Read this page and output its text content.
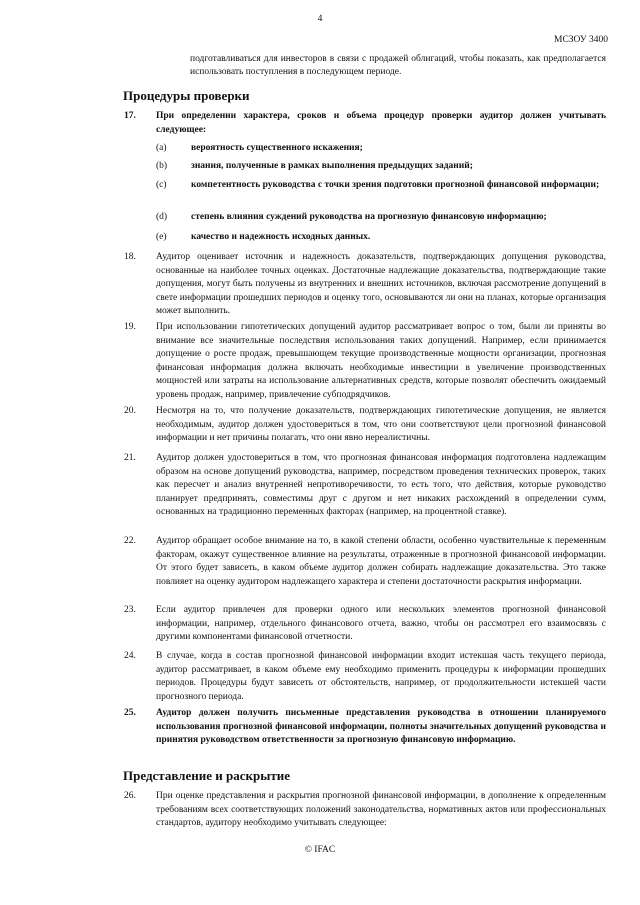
4
МСЗОУ 3400
подготавливаться для инвесторов в связи с продажей облигаций, чтобы показать, как предполагается использовать поступления в последующем периоде.
Процедуры проверки
17. При определении характера, сроков и объема процедур проверки аудитор должен учитывать следующее:
(a)	вероятность существенного искажения;
(b)	знания, полученные в рамках выполнения предыдущих заданий;
(c)	компетентность руководства с точки зрения подготовки прогнозной финансовой информации;
(d)	степень влияния суждений руководства на прогнозную финансовую информацию;
(e)	качество и надежность исходных данных.
18. Аудитор оценивает источник и надежность доказательств, подтверждающих допущения руководства, основанные на наиболее точных оценках. Достаточные надлежащие доказательства, подтверждающие такие допущения, могут быть получены из внутренних и внешних источников, включая рассмотрение допущений в свете информации прошедших периодов и оценку того, основываются ли они на планах, которые организация может выполнить.
19. При использовании гипотетических допущений аудитор рассматривает вопрос о том, были ли приняты во внимание все значительные последствия использования таких допущений. Например, если принимается допущение о росте продаж, превышающем текущие производственные мощности организации, прогнозная финансовая информация должна включать необходимые инвестиции в увеличение производственных мощностей или затраты на использование альтернативных средств, которые позволят обеспечить ожидаемый уровень продаж, например, привлечение субподрядчиков.
20. Несмотря на то, что получение доказательств, подтверждающих гипотетические допущения, не является необходимым, аудитор должен удостовериться в том, что они соответствуют цели прогнозной финансовой информации и нет причины полагать, что они явно нереалистичны.
21. Аудитор должен удостовериться в том, что прогнозная финансовая информация подготовлена надлежащим образом на основе допущений руководства, например, посредством проведения технических проверок, таких как пересчет и анализ внутренней непротиворечивости, то есть того, что действия, которые руководство планирует предпринять, совместимы друг с другом и нет никаких расхождений в определении сумм, основанных на традиционно переменных факторах (например, на процентной ставке).
22. Аудитор обращает особое внимание на то, в какой степени области, особенно чувствительные к переменным факторам, окажут существенное влияние на результаты, отраженные в прогнозной финансовой информации. От этого будет зависеть, в каком объеме аудитор должен собирать надлежащие доказательства. Это также повлияет на оценку аудитором надлежащего характера и степени достаточности раскрытия информации.
23. Если аудитор привлечен для проверки одного или нескольких элементов прогнозной финансовой информации, например, отдельного финансового отчета, важно, чтобы он рассмотрел его взаимосвязь с другими компонентами финансовой отчетности.
24. В случае, когда в состав прогнозной финансовой информации входит истекшая часть текущего периода, аудитор рассматривает, в каком объеме ему необходимо применить процедуры к информации прошедших периодов. Процедуры будут зависеть от обстоятельств, например, от продолжительности истекшей части прогнозного периода.
25. Аудитор должен получить письменные представления руководства в отношении планируемого использования прогнозной финансовой информации, полноты значительных допущений руководства и принятия руководством ответственности за прогнозную финансовую информацию.
Представление и раскрытие
26. При оценке представления и раскрытия прогнозной финансовой информации, в дополнение к определенным требованиям всех соответствующих положений законодательства, нормативных актов или профессиональных стандартов, аудитору необходимо учитывать следующее:
© IFAC
